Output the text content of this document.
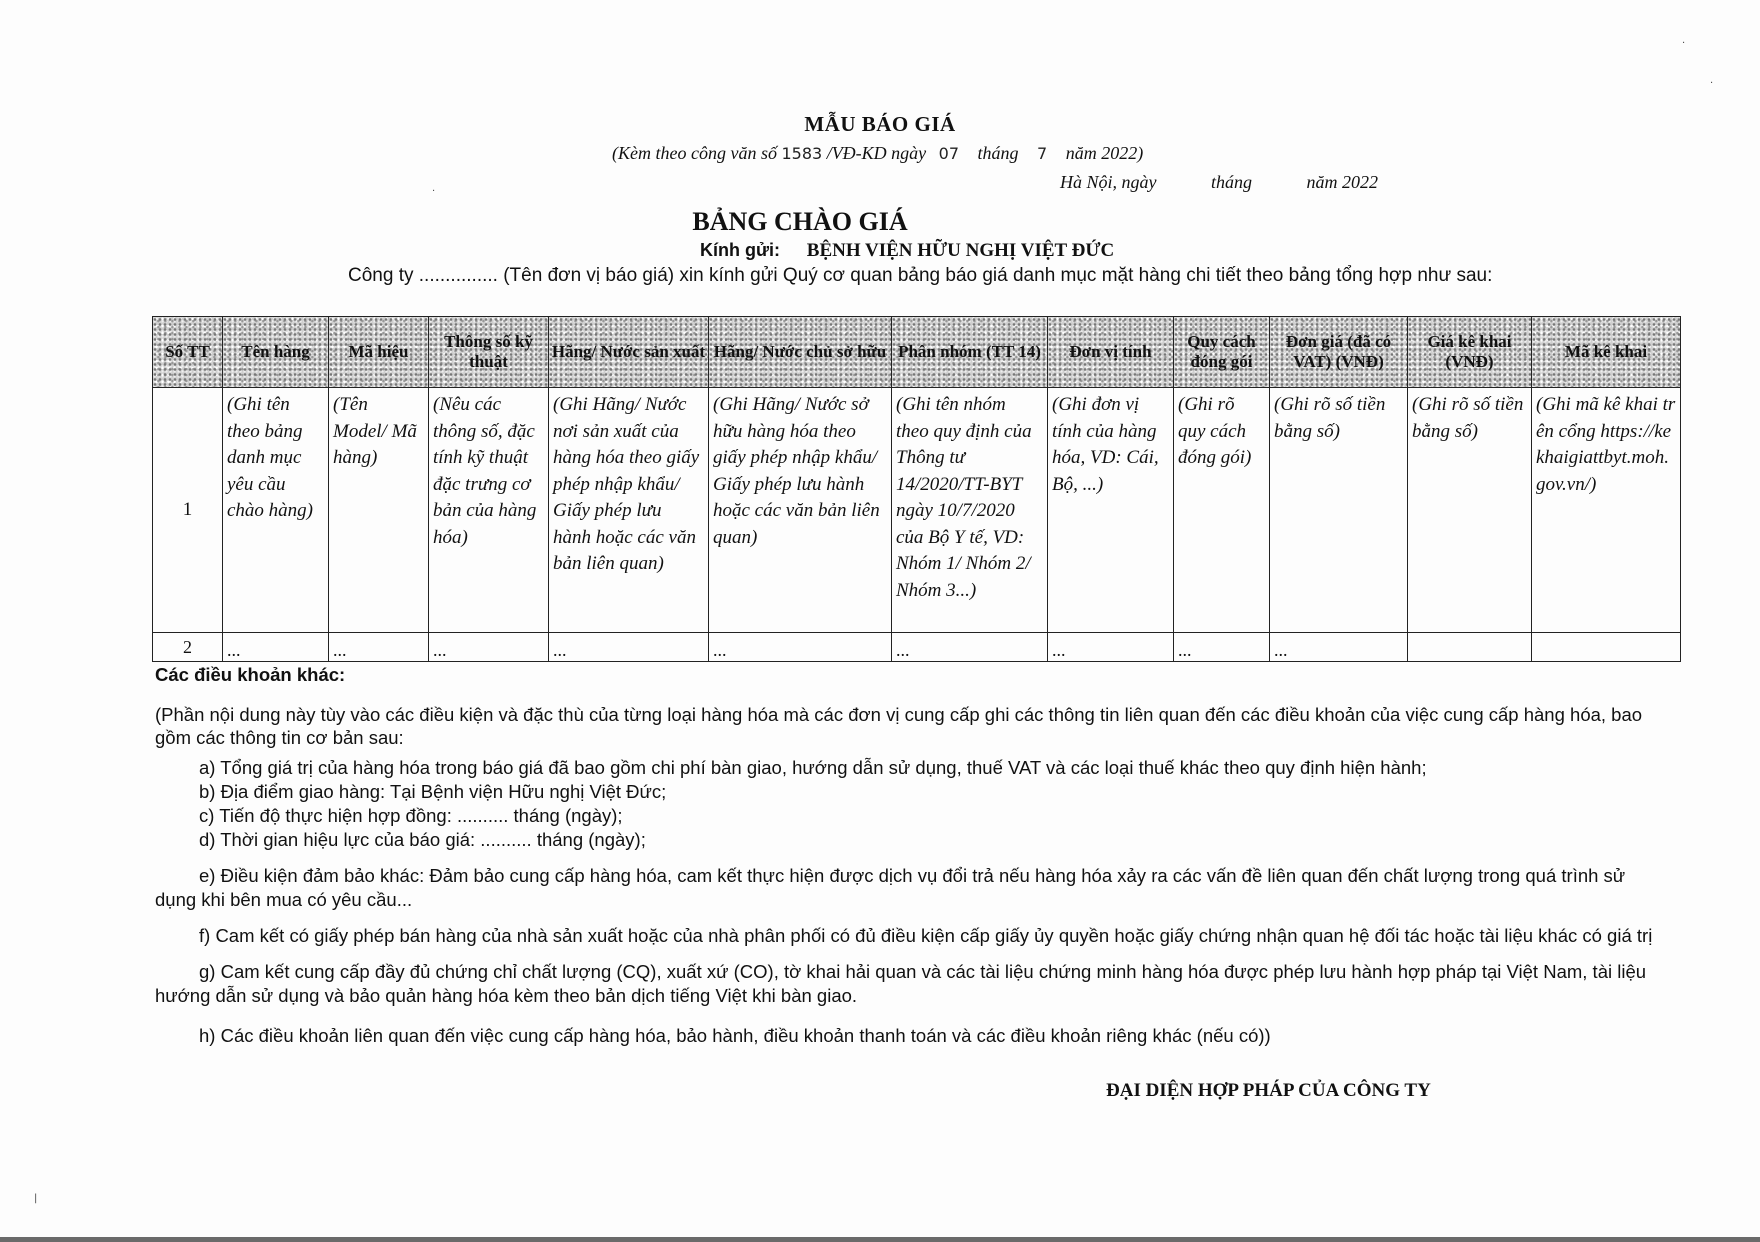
MẪU BÁO GIÁ
(Kèm theo công văn số 1583 /VĐ-KD ngày 07 tháng 7 năm 2022)
Hà Nội, ngày	tháng	năm 2022
BẢNG CHÀO GIÁ
Kính gửi: BỆNH VIỆN HỮU NGHỊ VIỆT ĐỨC
Công ty ............... (Tên đơn vị báo giá) xin kính gửi Quý cơ quan bảng báo giá danh mục mặt hàng chi tiết theo bảng tổng hợp như sau:
Số TT	Tên hàng	Mã hiệu	Thông số kỹ thuật	Hãng/ Nước sản xuất	Hãng/ Nước chủ sở hữu	Phân nhóm (TT 14)	Đơn vị tính	Quy cách đóng gói	Đơn giá (đã có VAT) (VNĐ)	Giá kê khai (VNĐ)	Mã kê khai
1	(Ghi tên theo bảng danh mục yêu cầu chào hàng)	(Tên Model/ Mã hàng)	(Nêu các thông số, đặc tính kỹ thuật đặc trưng cơ bản của hàng hóa)	(Ghi Hãng/ Nước nơi sản xuất của hàng hóa theo giấy phép nhập khẩu/ Giấy phép lưu hành hoặc các văn bản liên quan)	(Ghi Hãng/ Nước sở hữu hàng hóa theo giấy phép nhập khẩu/ Giấy phép lưu hành hoặc các văn bản liên quan)	(Ghi tên nhóm theo quy định của Thông tư 14/2020/TT-BYT ngày 10/7/2020 của Bộ Y tế, VD: Nhóm 1/ Nhóm 2/ Nhóm 3...)	(Ghi đơn vị tính của hàng hóa, VD: Cái, Bộ, ...)	(Ghi rõ quy cách đóng gói)	(Ghi rõ số tiền bằng số)	(Ghi rõ số tiền bằng số)	(Ghi mã kê khai trên cổng https://kekhaigiattbyt.moh.gov.vn/)
2	...	...	...	...	...	...	...	...	...		

Các điều khoản khác:

(Phần nội dung này tùy vào các điều kiện và đặc thù của từng loại hàng hóa mà các đơn vị cung cấp ghi các thông tin liên quan đến các điều khoản của việc cung cấp hàng hóa, bao

gồm các thông tin cơ bản sau:

a) Tổng giá trị của hàng hóa trong báo giá đã bao gồm chi phí bàn giao, hướng dẫn sử dụng, thuế VAT và các loại thuế khác theo quy định hiện hành;

b) Địa điểm giao hàng: Tại Bệnh viện Hữu nghị Việt Đức;

c) Tiến độ thực hiện hợp đồng: .......... tháng (ngày);

d) Thời gian hiệu lực của báo giá: .......... tháng (ngày);

e) Điều kiện đảm bảo khác: Đảm bảo cung cấp hàng hóa, cam kết thực hiện được dịch vụ đổi trả nếu hàng hóa xảy ra các vấn đề liên quan đến chất lượng trong quá trình sử

dụng khi bên mua có yêu cầu...

f) Cam kết có giấy phép bán hàng của nhà sản xuất hoặc của nhà phân phối có đủ điều kiện cấp giấy ủy quyền hoặc giấy chứng nhận quan hệ đối tác hoặc tài liệu khác có giá trị

g) Cam kết cung cấp đầy đủ chứng chỉ chất lượng (CQ), xuất xứ (CO), tờ khai hải quan và các tài liệu chứng minh hàng hóa được phép lưu hành hợp pháp tại Việt Nam, tài liệu

hướng dẫn sử dụng và bảo quản hàng hóa kèm theo bản dịch tiếng Việt khi bàn giao.

h) Các điều khoản liên quan đến việc cung cấp hàng hóa, bảo hành, điều khoản thanh toán và các điều khoản riêng khác (nếu có))

ĐẠI DIỆN HỢP PHÁP CỦA CÔNG TY
·
·
·
|
